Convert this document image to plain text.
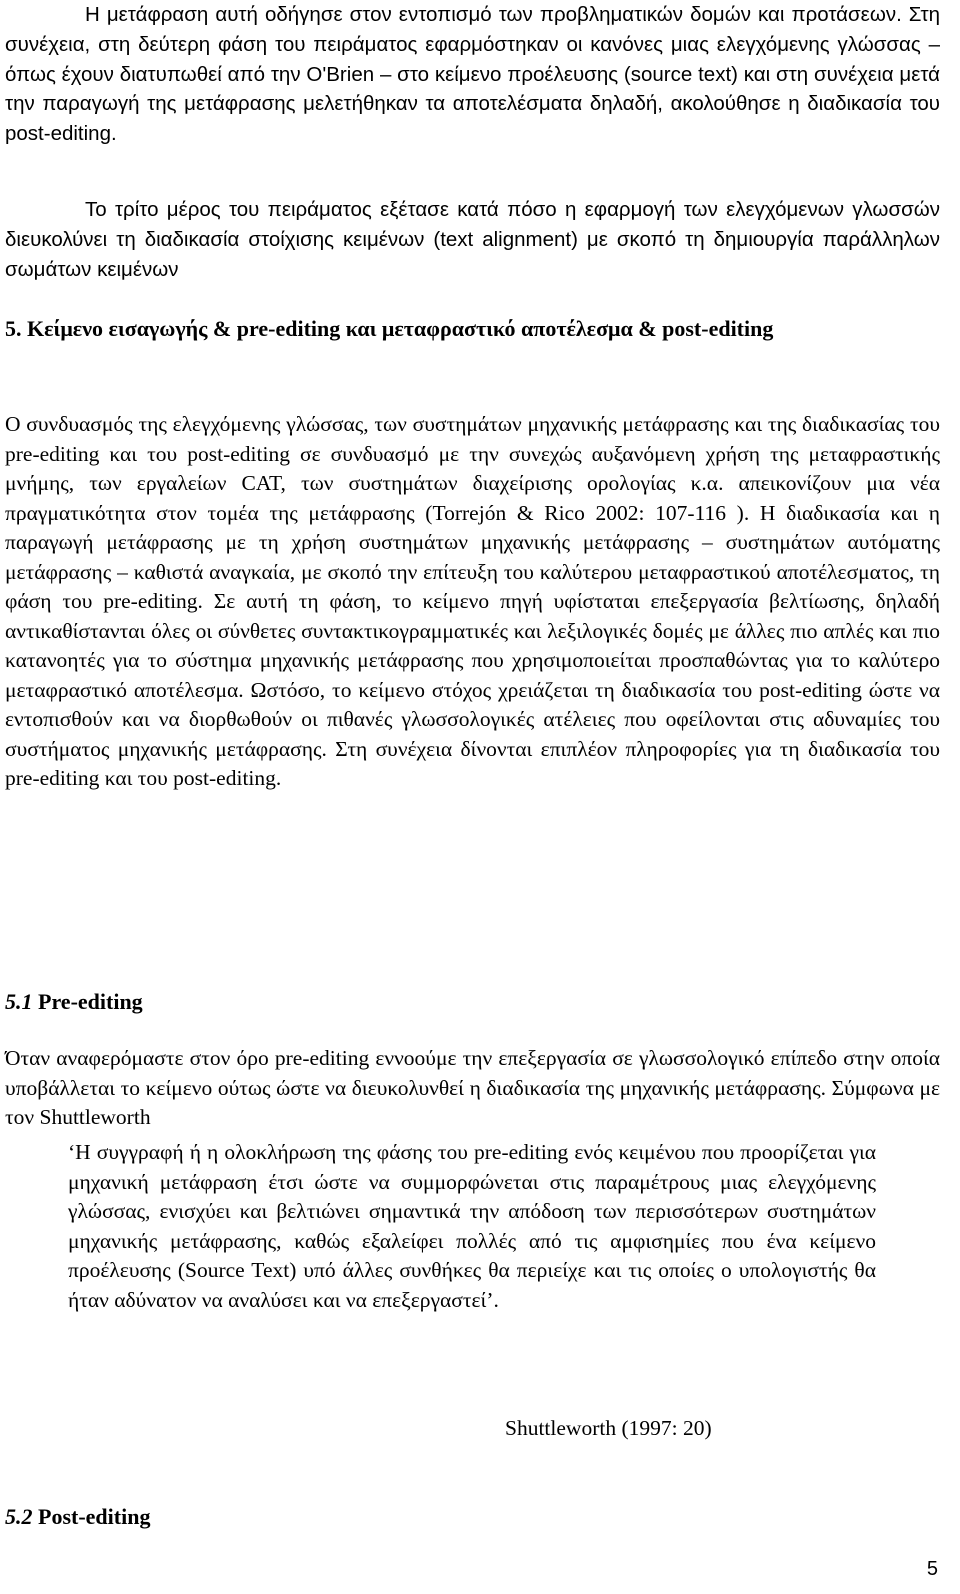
Η μετάφραση αυτή οδήγησε στον εντοπισμό των προβληματικών δομών και προτάσεων. Στη συνέχεια, στη δεύτερη φάση του πειράματος εφαρμόστηκαν οι κανόνες μιας ελεγχόμενης γλώσσας – όπως έχουν διατυπωθεί από την O'Brien – στο κείμενο προέλευσης (source text) και στη συνέχεια μετά την παραγωγή της μετάφρασης μελετήθηκαν τα αποτελέσματα δηλαδή, ακολούθησε η διαδικασία του post-editing.

Το τρίτο μέρος του πειράματος εξέτασε κατά πόσο η εφαρμογή των ελεγχόμενων γλωσσών διευκολύνει τη διαδικασία στοίχισης κειμένων (text alignment) με σκοπό τη δημιουργία παράλληλων σωμάτων κειμένων

5. Κείμενο εισαγωγής & pre-editing και μεταφραστικό αποτέλεσμα & post-editing

Ο συνδυασμός της ελεγχόμενης γλώσσας, των συστημάτων μηχανικής μετάφρασης και της διαδικασίας του pre-editing και του post-editing σε συνδυασμό με την συνεχώς αυξανόμενη χρήση της μεταφραστικής μνήμης, των εργαλείων CAT, των συστημάτων διαχείρισης ορολογίας κ.α. απεικονίζουν μια νέα πραγματικότητα στον τομέα της μετάφρασης (Torrejón & Rico 2002: 107-116 ). Η διαδικασία και η παραγωγή μετάφρασης με τη χρήση συστημάτων μηχανικής μετάφρασης – συστημάτων αυτόματης μετάφρασης – καθιστά αναγκαία, με σκοπό την επίτευξη του καλύτερου μεταφραστικού αποτέλεσματος, τη φάση του pre-editing. Σε αυτή τη φάση, το κείμενο πηγή υφίσταται επεξεργασία βελτίωσης, δηλαδή αντικαθίστανται όλες οι σύνθετες συντακτικογραμματικές και λεξιλογικές δομές με άλλες πιο απλές και πιο κατανοητές για το σύστημα μηχανικής μετάφρασης που χρησιμοποιείται προσπαθώντας για το καλύτερο μεταφραστικό αποτέλεσμα. Ωστόσο, το κείμενο στόχος χρειάζεται τη διαδικασία του post-editing ώστε να εντοπισθούν και να διορθωθούν οι πιθανές γλωσσολογικές ατέλειες που οφείλονται στις αδυναμίες του συστήματος μηχανικής μετάφρασης. Στη συνέχεια δίνονται επιπλέον πληροφορίες για τη διαδικασία του pre-editing και του post-editing.

5.1 Pre-editing

Όταν αναφερόμαστε στον όρο pre-editing εννοούμε την επεξεργασία σε γλωσσολογικό επίπεδο στην οποία υποβάλλεται το κείμενο ούτως ώστε να διευκολυνθεί η διαδικασία της μηχανικής μετάφρασης. Σύμφωνα με τον Shuttleworth

‘Η συγγραφή ή η ολοκλήρωση της φάσης του pre-editing ενός κειμένου που προορίζεται για μηχανική μετάφραση έτσι ώστε να συμμορφώνεται στις παραμέτρους μιας ελεγχόμενης γλώσσας, ενισχύει και βελτιώνει σημαντικά την απόδοση των περισσότερων συστημάτων μηχανικής μετάφρασης, καθώς εξαλείφει πολλές από τις αμφισημίες που ένα κείμενο προέλευσης (Source Text) υπό άλλες συνθήκες θα περιείχε και τις οποίες ο υπολογιστής θα ήταν αδύνατον να αναλύσει και να επεξεργαστεί’.

Shuttleworth (1997: 20)
5.2 Post-editing
5
